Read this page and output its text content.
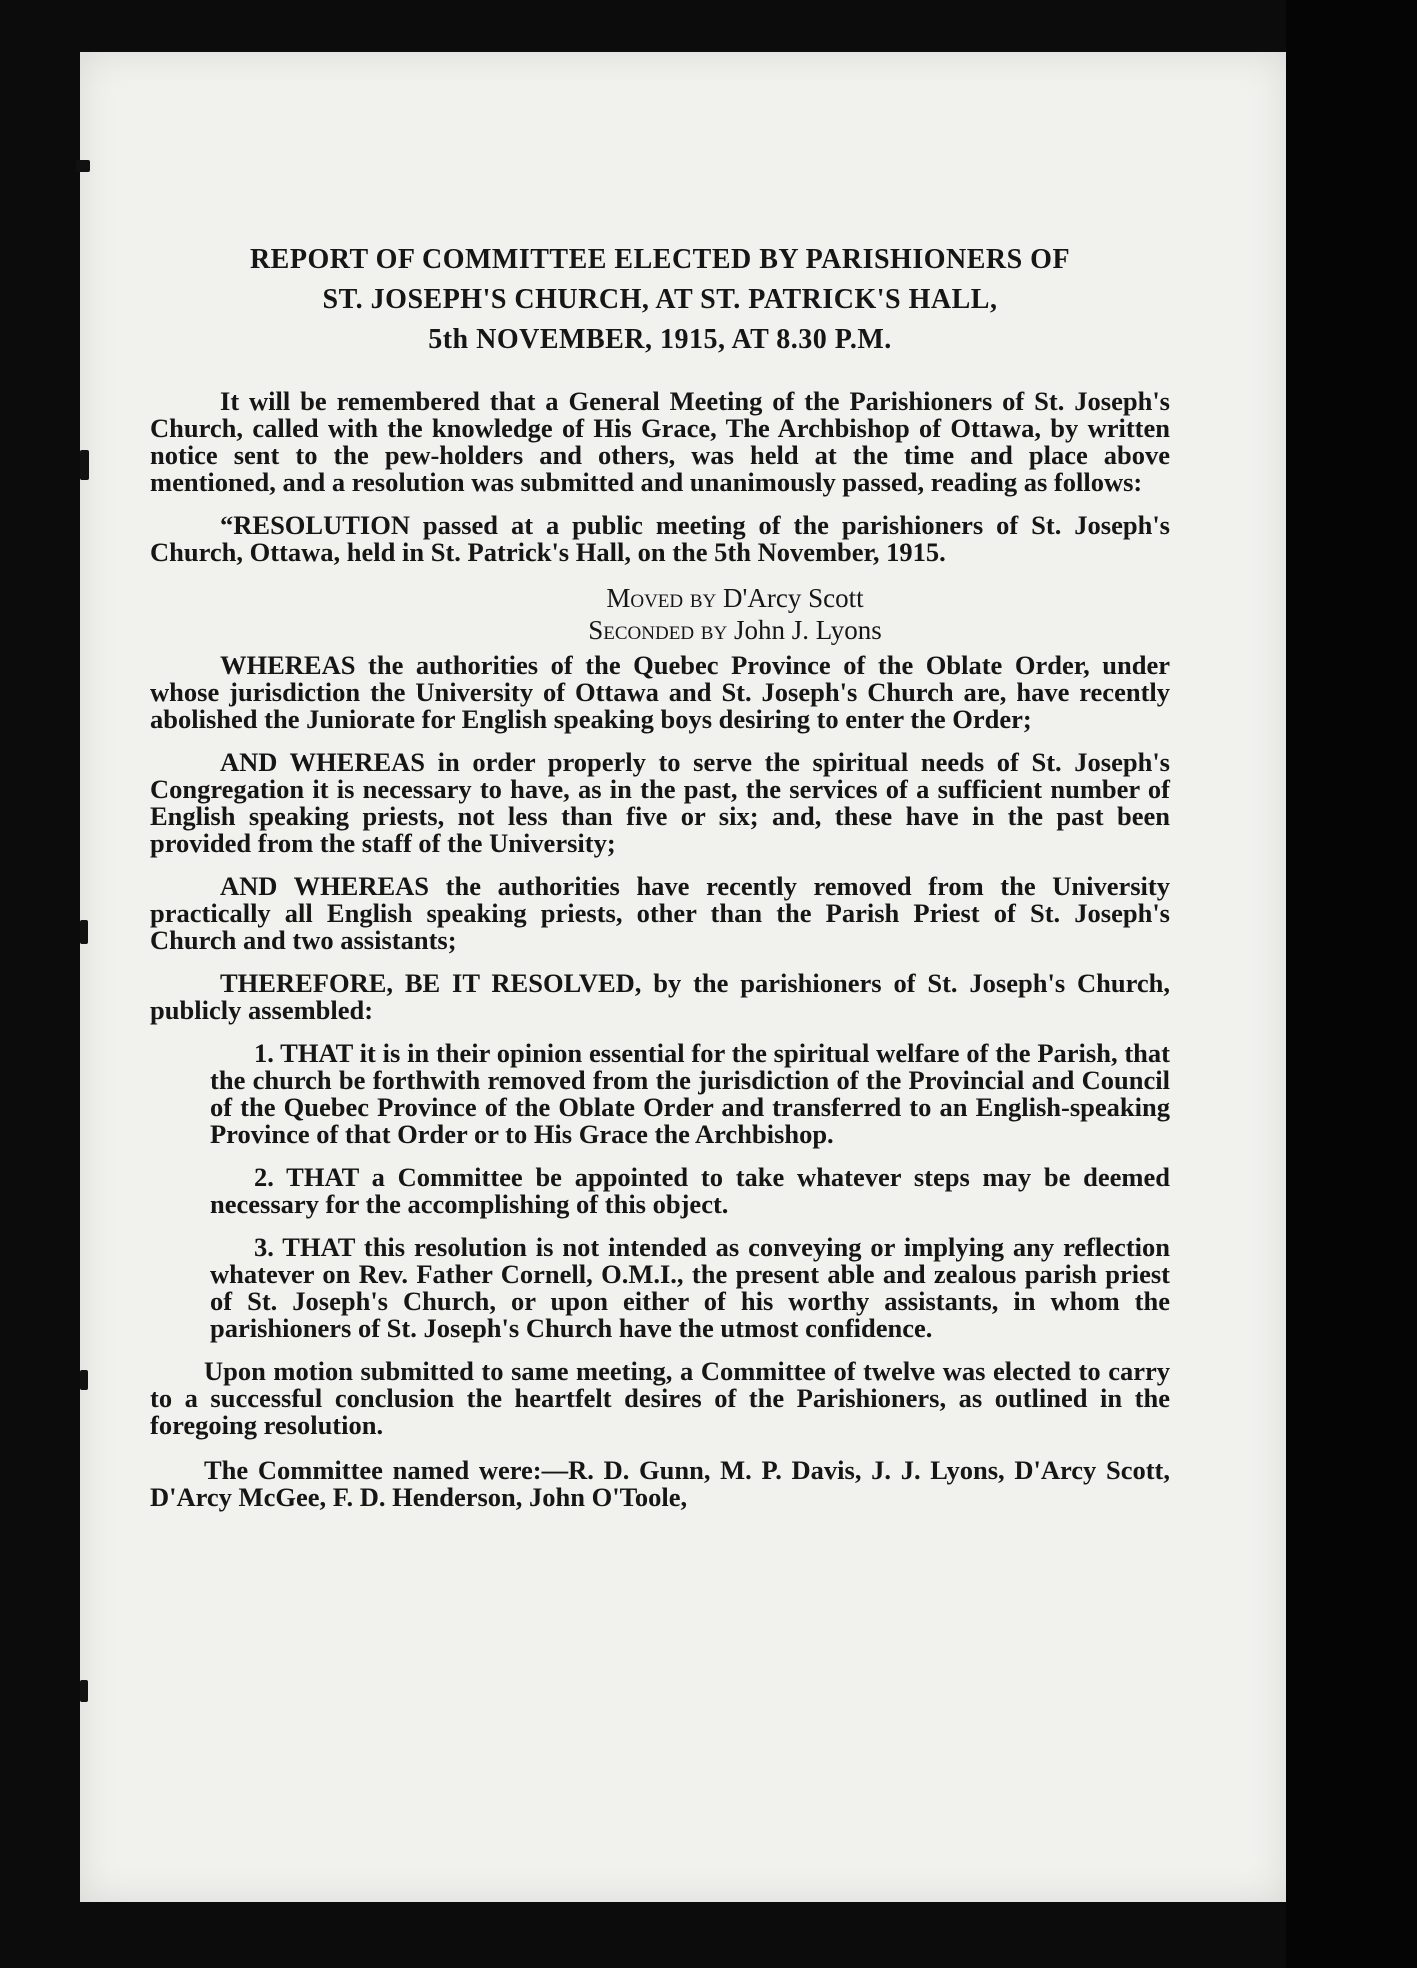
REPORT OF COMMITTEE ELECTED BY PARISHIONERS OF
ST. JOSEPH'S CHURCH, AT ST. PATRICK'S HALL,
5th NOVEMBER, 1915, AT 8.30 P.M.

It will be remembered that a General Meeting of the Parishioners of St. Joseph's Church, called with the knowledge of His Grace, The Archbishop of Ottawa, by written notice sent to the pew-holders and others, was held at the time and place above mentioned, and a resolution was submitted and unanimously passed, reading as follows:

“RESOLUTION passed at a public meeting of the parishioners of St. Joseph's Church, Ottawa, held in St. Patrick's Hall, on the 5th November, 1915.

Moved by D'Arcy Scott
Seconded by John J. Lyons

WHEREAS the authorities of the Quebec Province of the Oblate Order, under whose jurisdiction the University of Ottawa and St. Joseph's Church are, have recently abolished the Juniorate for English speaking boys desiring to enter the Order;

AND WHEREAS in order properly to serve the spiritual needs of St. Joseph's Congregation it is necessary to have, as in the past, the services of a sufficient number of English speaking priests, not less than five or six; and, these have in the past been provided from the staff of the University;

AND WHEREAS the authorities have recently removed from the University practically all English speaking priests, other than the Parish Priest of St. Joseph's Church and two assistants;

THEREFORE, BE IT RESOLVED, by the parishioners of St. Joseph's Church, publicly assembled:

1. THAT it is in their opinion essential for the spiritual welfare of the Parish, that the church be forthwith removed from the jurisdiction of the Provincial and Council of the Quebec Province of the Oblate Order and transferred to an English-speaking Province of that Order or to His Grace the Archbishop.

2. THAT a Committee be appointed to take whatever steps may be deemed necessary for the accomplishing of this object.

3. THAT this resolution is not intended as conveying or implying any reflection whatever on Rev. Father Cornell, O.M.I., the present able and zealous parish priest of St. Joseph's Church, or upon either of his worthy assistants, in whom the parishioners of St. Joseph's Church have the utmost confidence.

Upon motion submitted to same meeting, a Committee of twelve was elected to carry to a successful conclusion the heartfelt desires of the Parishioners, as outlined in the foregoing resolution.

The Committee named were:—R. D. Gunn, M. P. Davis, J. J. Lyons, D'Arcy Scott, D'Arcy McGee, F. D. Henderson, John O'Toole,
